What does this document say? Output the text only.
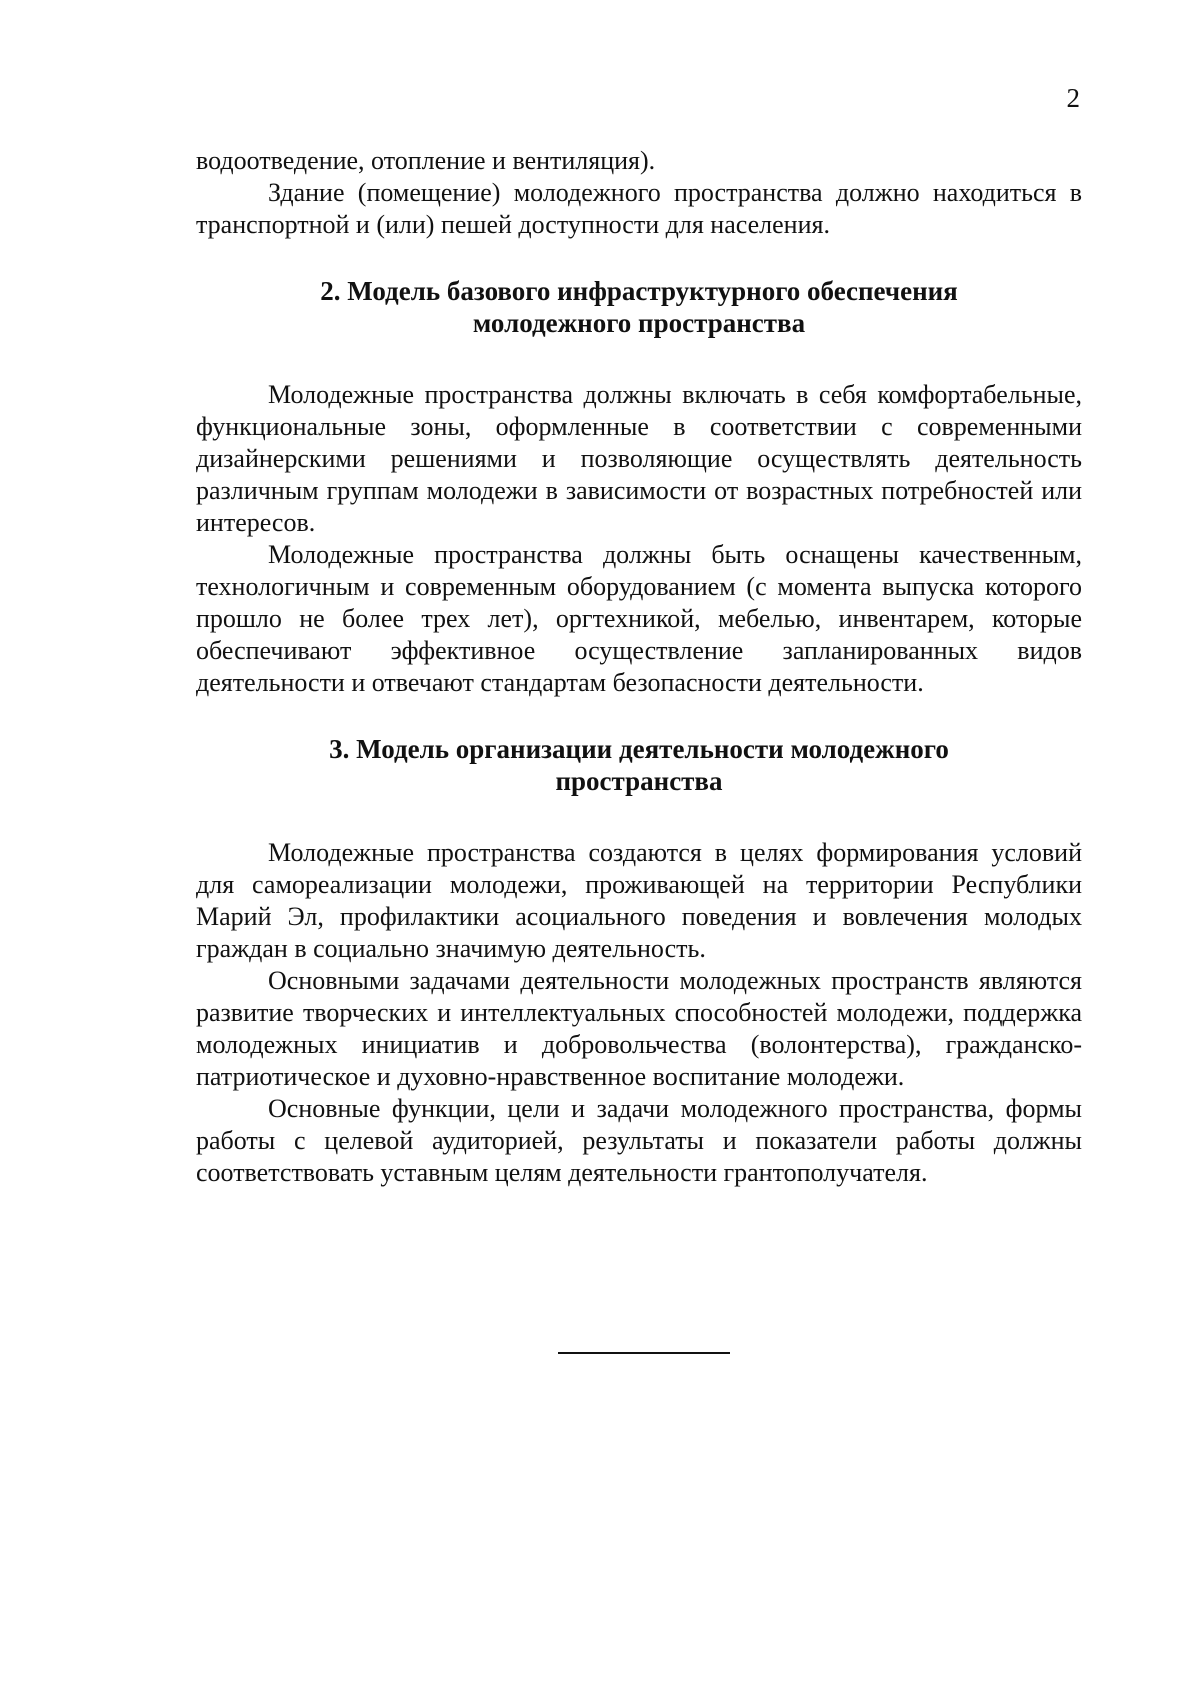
2

водоотведение, отопление и вентиляция).

Здание (помещение) молодежного пространства должно находиться в транспортной и (или) пешей доступности для населения.

2. Модель базового инфраструктурного обеспечения
молодежного пространства

Молодежные пространства должны включать в себя комфортабельные, функциональные зоны, оформленные в соответствии с современными дизайнерскими решениями и позволяющие осуществлять деятельность различным группам молодежи в зависимости от возрастных потребностей или интересов.

Молодежные пространства должны быть оснащены качественным, технологичным и современным оборудованием (с момента выпуска которого прошло не более трех лет), оргтехникой, мебелью, инвентарем, которые обеспечивают эффективное осуществление запланированных видов деятельности и отвечают стандартам безопасности деятельности.

3. Модель организации деятельности молодежного
пространства

Молодежные пространства создаются в целях формирования условий для самореализации молодежи, проживающей на территории Республики Марий Эл, профилактики асоциального поведения и вовлечения молодых граждан в социально значимую деятельность.

Основными задачами деятельности молодежных пространств являются развитие творческих и интеллектуальных способностей молодежи, поддержка молодежных инициатив и добровольчества (волонтерства), гражданско-патриотическое и духовно-нравственное воспитание молодежи.

Основные функции, цели и задачи молодежного пространства, формы работы с целевой аудиторией, результаты и показатели работы должны соответствовать уставным целям деятельности грантополучателя.
